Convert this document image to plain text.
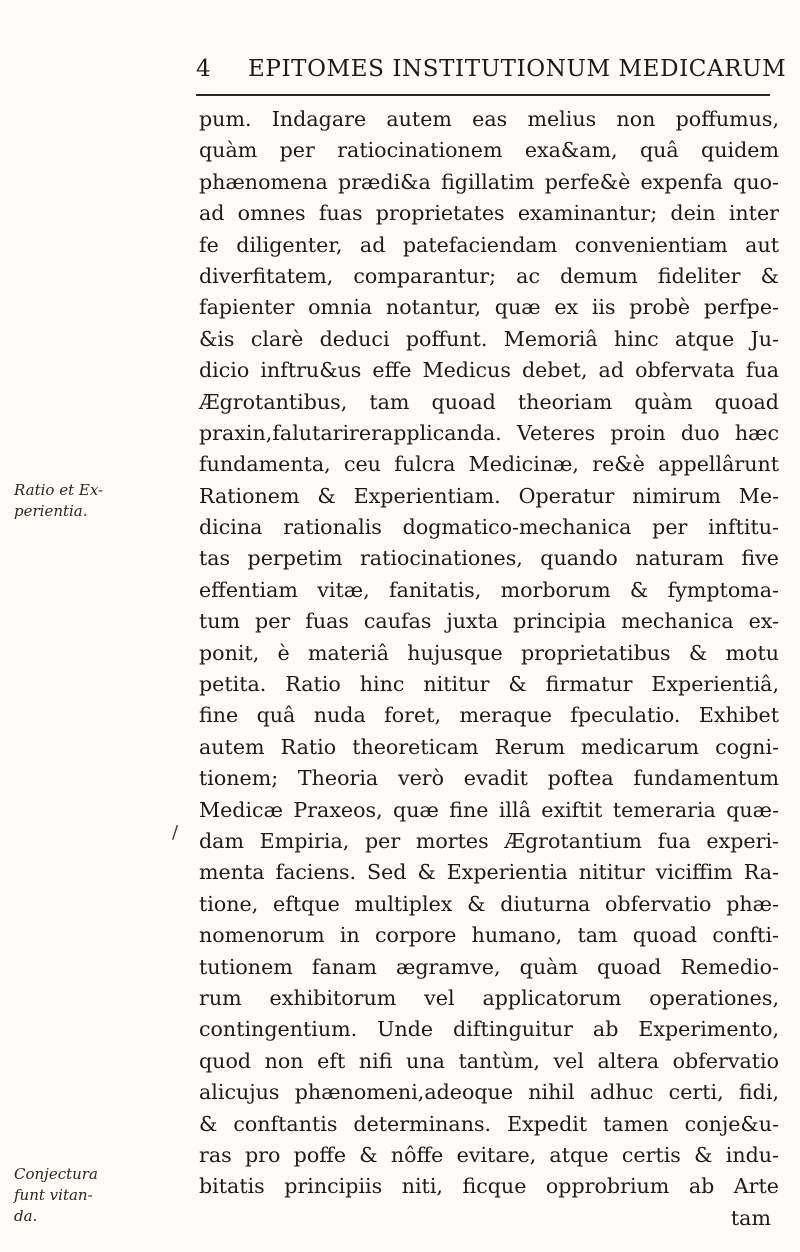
4 EPITOMES INSTITUTIONUM MEDICARUM
Ratio et Ex-
perientia.
Conjectura
funt vitan-
da.
/
pum. Indagare autem eas melius non poffumus,
quàm per ratiocinationem exa&am, quâ quidem
phænomena prædi&a figillatim perfe&è expenfa quo-
ad omnes fuas proprietates examinantur; dein inter
fe diligenter, ad patefaciendam convenientiam aut
diverfitatem, comparantur; ac demum fideliter &
fapienter omnia notantur, quæ ex iis probè perfpe-
&is clarè deduci poffunt. Memoriâ hinc atque Ju-
dicio inftru&us effe Medicus debet, ad obfervata fua
Ægrotantibus, tam quoad theoriam quàm quoad
praxin,falutarirerapplicanda. Veteres proin duo hæc
fundamenta, ceu fulcra Medicinæ, re&è appellârunt
Rationem & Experientiam. Operatur nimirum Me-
dicina rationalis dogmatico-mechanica per inftitu-
tas perpetim ratiocinationes, quando naturam five
effentiam vitæ, fanitatis, morborum & fymptoma-
tum per fuas caufas juxta principia mechanica ex-
ponit, è materiâ hujusque proprietatibus & motu
petita. Ratio hinc nititur & firmatur Experientiâ,
fine quâ nuda foret, meraque fpeculatio. Exhibet
autem Ratio theoreticam Rerum medicarum cogni-
tionem; Theoria verò evadit poftea fundamentum
Medicæ Praxeos, quæ fine illâ exiftit temeraria quæ-
dam Empiria, per mortes Ægrotantium fua experi-
menta faciens. Sed & Experientia nititur viciffim Ra-
tione, eftque multiplex & diuturna obfervatio phæ-
nomenorum in corpore humano, tam quoad confti-
tutionem fanam ægramve, quàm quoad Remedio-
rum exhibitorum vel applicatorum operationes,
contingentium. Unde diftinguitur ab Experimento,
quod non eft nifi una tantùm, vel altera obfervatio
alicujus phænomeni,adeoque nihil adhuc certi, fidi,
& conftantis determinans. Expedit tamen conje&u-
ras pro poffe & nôffe evitare, atque certis & indu-
bitatis principiis niti, ficque opprobrium ab Arte
tam
